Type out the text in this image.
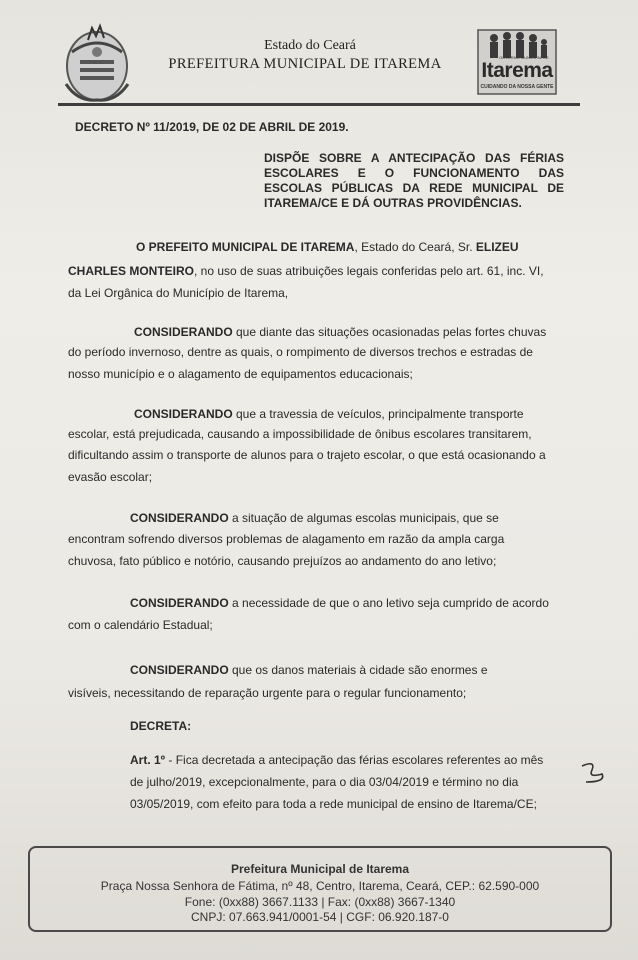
Estado do Ceará
PREFEITURA MUNICIPAL DE ITAREMA	GOVERNO MUNICIPAL DE
Itarema
CUIDANDO DA NOSSA GENTE
DECRETO Nº 11/2019, DE 02 DE ABRIL DE 2019.
DISPÕE SOBRE A ANTECIPAÇÃO DAS FÉRIAS
ESCOLARES E O FUNCIONAMENTO DAS
ESCOLAS PÚBLICAS DA REDE MUNICIPAL DE
ITAREMA/CE E DÁ OUTRAS PROVIDÊNCIAS.
O PREFEITO MUNICIPAL DE ITAREMA, Estado do Ceará, Sr. ELIZEU
CHARLES MONTEIRO, no uso de suas atribuições legais conferidas pelo art. 61, inc. VI,
da Lei Orgânica do Município de Itarema,
CONSIDERANDO que diante das situações ocasionadas pelas fortes chuvas
do período invernoso, dentre as quais, o rompimento de diversos trechos e estradas de
nosso município e o alagamento de equipamentos educacionais;
CONSIDERANDO que a travessia de veículos, principalmente transporte
escolar, está prejudicada, causando a impossibilidade de ônibus escolares transitarem,
dificultando assim o transporte de alunos para o trajeto escolar, o que está ocasionando a
evasão escolar;
CONSIDERANDO a situação de algumas escolas municipais, que se
encontram sofrendo diversos problemas de alagamento em razão da ampla carga
chuvosa, fato público e notório, causando prejuízos ao andamento do ano letivo;
CONSIDERANDO a necessidade de que o ano letivo seja cumprido de acordo
com o calendário Estadual;
CONSIDERANDO que os danos materiais à cidade são enormes e
visíveis, necessitando de reparação urgente para o regular funcionamento;
DECRETA:
Art. 1º - Fica decretada a antecipação das férias escolares referentes ao mês
de julho/2019, excepcionalmente, para o dia 03/04/2019 e término no dia
03/05/2019, com efeito para toda a rede municipal de ensino de Itarema/CE;
Prefeitura Municipal de Itarema
Praça Nossa Senhora de Fátima, nº 48, Centro, Itarema, Ceará, CEP.: 62.590-000
Fone: (0xx88) 3667.1133 | Fax: (0xx88) 3667-1340
CNPJ: 07.663.941/0001-54 | CGF: 06.920.187-0
